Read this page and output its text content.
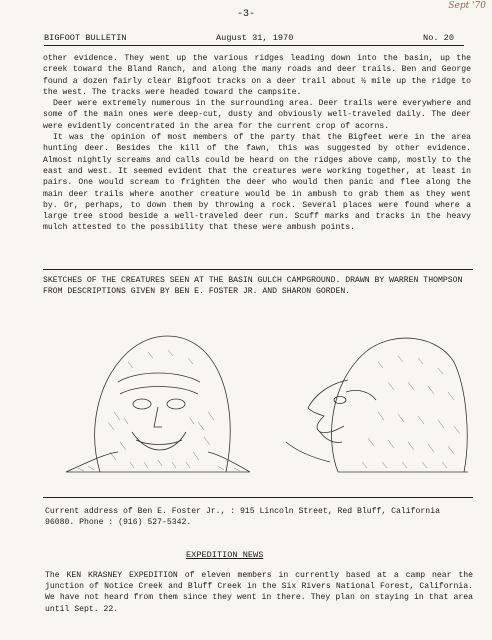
-3-
Sept '70
BIGFOOT BULLETIN	August 31, 1970	No. 20

other evidence. They went up the various ridges leading down into the basin, up the creek toward the Bland Ranch, and along the many roads and deer trails. Ben and George found a dozen fairly clear Bigfoot tracks on a deer trail about ½ mile up the ridge to the west. The tracks were headed toward the campsite.

Deer were extremely numerous in the surrounding area. Deer trails were everywhere and some of the main ones were deep-cut, dusty and obviously well-traveled daily. The deer were evidently concentrated in the area for the current crop of acorns.

It was the opinion of most members of the party that the Bigfeet were in the area hunting deer. Besides the kill of the fawn, this was suggested by other evidence. Almost nightly screams and calls could be heard on the ridges above camp, mostly to the east and west. It seemed evident that the creatures were working together, at least in pairs. One would scream to frighten the deer who would then panic and flee along the main deer trails where another creature would be in ambush to grab them as they went by. Or, perhaps, to down them by throwing a rock. Several places were found where a large tree stood beside a well-traveled deer run. Scuff marks and tracks in the heavy mulch attested to the possibility that these were ambush points.

SKETCHES OF THE CREATURES SEEN AT THE BASIN GULCH CAMPGROUND. DRAWN BY WARREN THOMPSON FROM DESCRIPTIONS GIVEN BY BEN E. FOSTER JR. AND SHARON GORDEN.
Current address of Ben E. Foster Jr., : 915 Lincoln Street, Red Bluff, California 96080. Phone : (916) 527-5342.
EXPEDITION NEWS
The KEN KRASNEY EXPEDITION of eleven members in currently based at a camp near the junction of Notice Creek and Bluff Creek in the Six Rivers National Forest, California. We have not heard from them since they went in there. They plan on staying in that area until Sept. 22.
